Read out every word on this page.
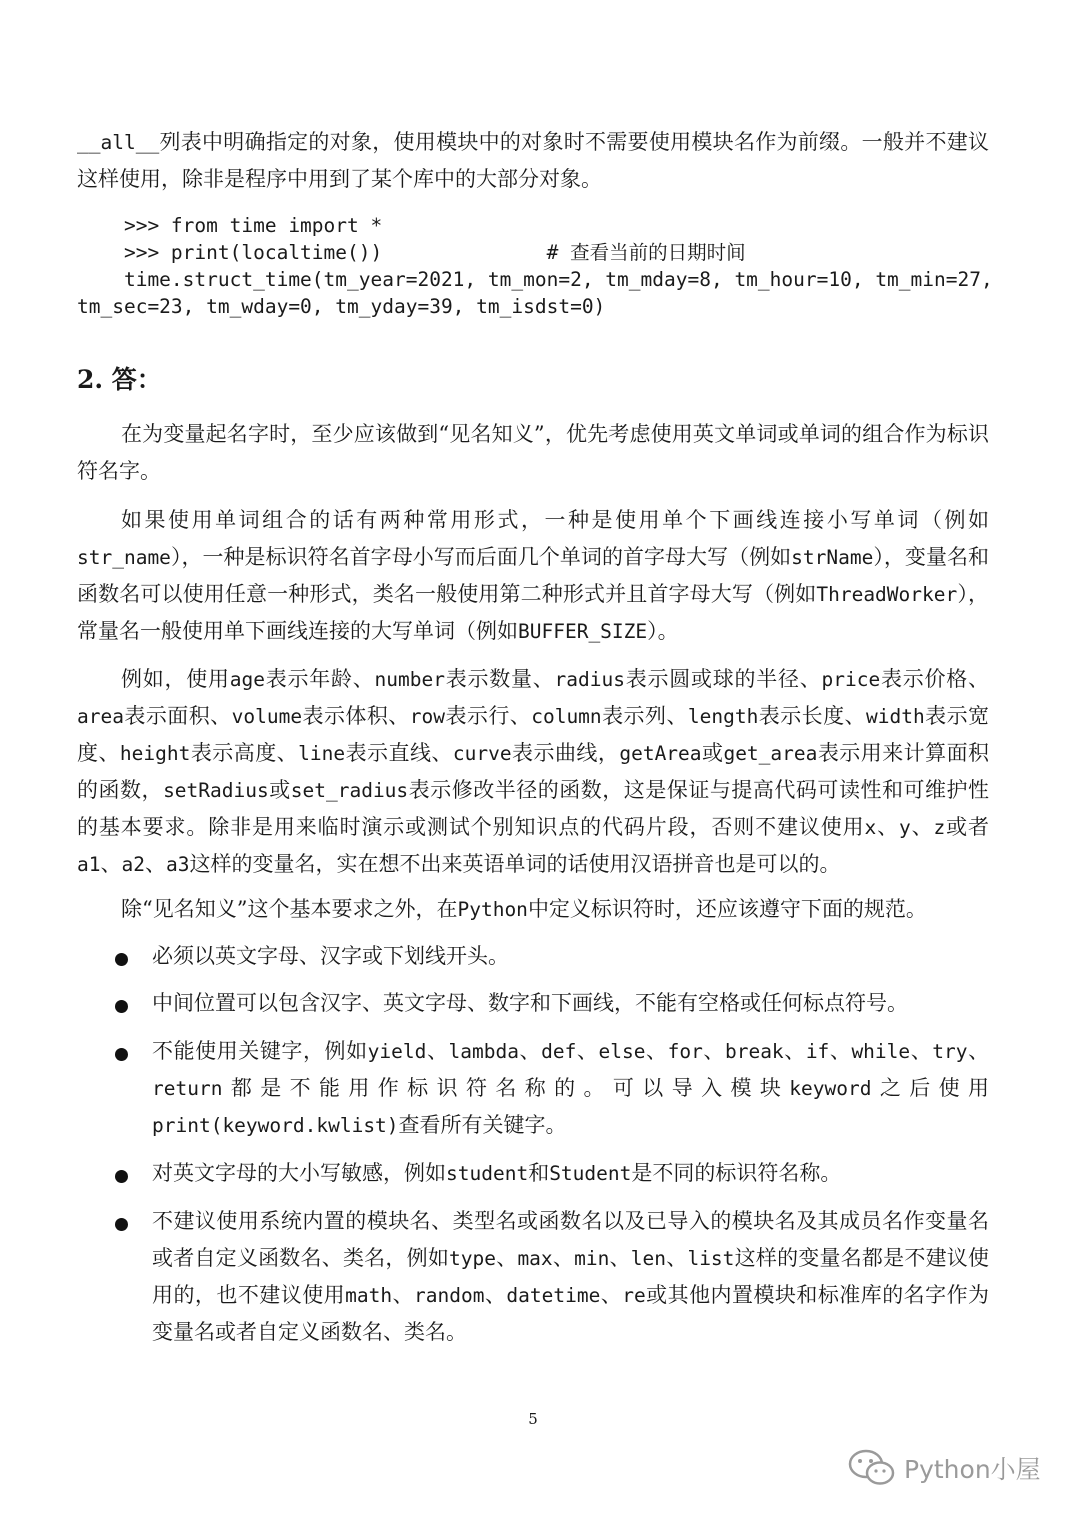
__all__列表中明确指定的对象，使用模块中的对象时不需要使用模块名作为前缀。一般并不建议这样使用，除非是程序中用到了某个库中的大部分对象。

>>> from time import *
>>> print(localtime())              # 查看当前的日期时间
time.struct_time(tm_year=2021, tm_mon=2, tm_mday=8, tm_hour=10, tm_min=27,
tm_sec=23, tm_wday=0, tm_yday=39, tm_isdst=0)
2. 答：

在为变量起名字时，至少应该做到“见名知义”，优先考虑使用英文单词或单词的组合作为标识符名字。

如果使用单词组合的话有两种常用形式，一种是使用单个下画线连接小写单词（例如str_name），一种是标识符名首字母小写而后面几个单词的首字母大写（例如strName），变量名和函数名可以使用任意一种形式，类名一般使用第二种形式并且首字母大写（例如ThreadWorker），常量名一般使用单下画线连接的大写单词（例如BUFFER_SIZE）。

例如，使用age表示年龄、number表示数量、radius表示圆或球的半径、price表示价格、area表示面积、volume表示体积、row表示行、column表示列、length表示长度、width表示宽度、height表示高度、line表示直线、curve表示曲线，getArea或get_area表示用来计算面积的函数，setRadius或set_radius表示修改半径的函数，这是保证与提高代码可读性和可维护性的基本要求。除非是用来临时演示或测试个别知识点的代码片段，否则不建议使用x、y、z或者a1、a2、a3这样的变量名，实在想不出来英语单词的话使用汉语拼音也是可以的。

除“见名知义”这个基本要求之外，在Python中定义标识符时，还应该遵守下面的规范。

必须以英文字母、汉字或下划线开头。
中间位置可以包含汉字、英文字母、数字和下画线，不能有空格或任何标点符号。
不能使用关键字，例如yield、lambda、def、else、for、break、if、while、try、return都是不能用作标识符名称的。可以导入模块keyword之后使用print(keyword.kwlist)查看所有关键字。
对英文字母的大小写敏感，例如student和Student是不同的标识符名称。
不建议使用系统内置的模块名、类型名或函数名以及已导入的模块名及其成员名作变量名或者自定义函数名、类名，例如type、max、min、len、list这样的变量名都是不建议使用的，也不建议使用math、random、datetime、re或其他内置模块和标准库的名字作为变量名或者自定义函数名、类名。

5

Python小屋
